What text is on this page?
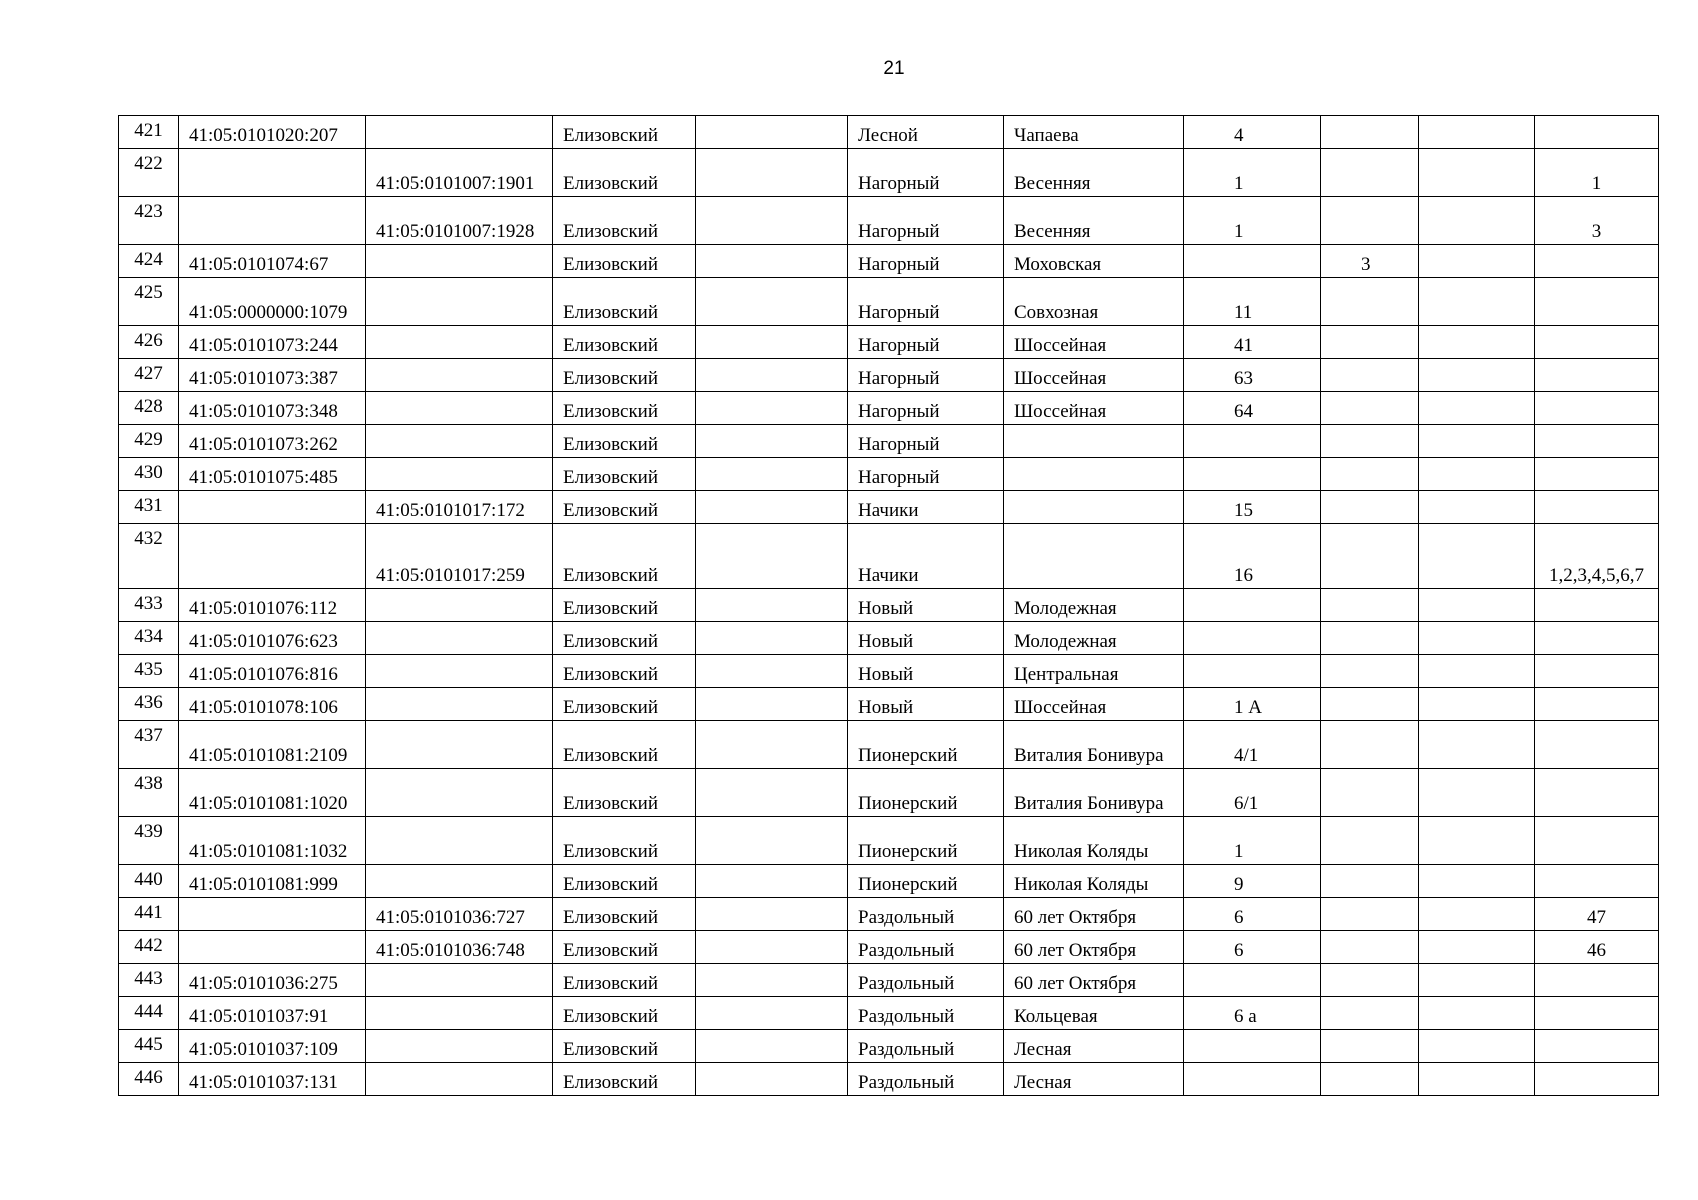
21
421	41:05:0101020:207		Елизовский		Лесной	Чапаева	4			
422		41:05:0101007:1901	Елизовский		Нагорный	Весенняя	1			1
423		41:05:0101007:1928	Елизовский		Нагорный	Весенняя	1			3
424	41:05:0101074:67		Елизовский		Нагорный	Моховская		3		
425	41:05:0000000:1079		Елизовский		Нагорный	Совхозная	11			
426	41:05:0101073:244		Елизовский		Нагорный	Шоссейная	41			
427	41:05:0101073:387		Елизовский		Нагорный	Шоссейная	63			
428	41:05:0101073:348		Елизовский		Нагорный	Шоссейная	64			
429	41:05:0101073:262		Елизовский		Нагорный					
430	41:05:0101075:485		Елизовский		Нагорный					
431		41:05:0101017:172	Елизовский		Начики		15			
432		41:05:0101017:259	Елизовский		Начики		16			1,2,3,4,5,6,7
433	41:05:0101076:112		Елизовский		Новый	Молодежная				
434	41:05:0101076:623		Елизовский		Новый	Молодежная				
435	41:05:0101076:816		Елизовский		Новый	Центральная				
436	41:05:0101078:106		Елизовский		Новый	Шоссейная	1 А			
437	41:05:0101081:2109		Елизовский		Пионерский	Виталия Бонивура	4/1			
438	41:05:0101081:1020		Елизовский		Пионерский	Виталия Бонивура	6/1			
439	41:05:0101081:1032		Елизовский		Пионерский	Николая Коляды	1			
440	41:05:0101081:999		Елизовский		Пионерский	Николая Коляды	9			
441		41:05:0101036:727	Елизовский		Раздольный	60 лет Октября	6			47
442		41:05:0101036:748	Елизовский		Раздольный	60 лет Октября	6			46
443	41:05:0101036:275		Елизовский		Раздольный	60 лет Октября				
444	41:05:0101037:91		Елизовский		Раздольный	Кольцевая	6 а			
445	41:05:0101037:109		Елизовский		Раздольный	Лесная				
446	41:05:0101037:131		Елизовский		Раздольный	Лесная				
